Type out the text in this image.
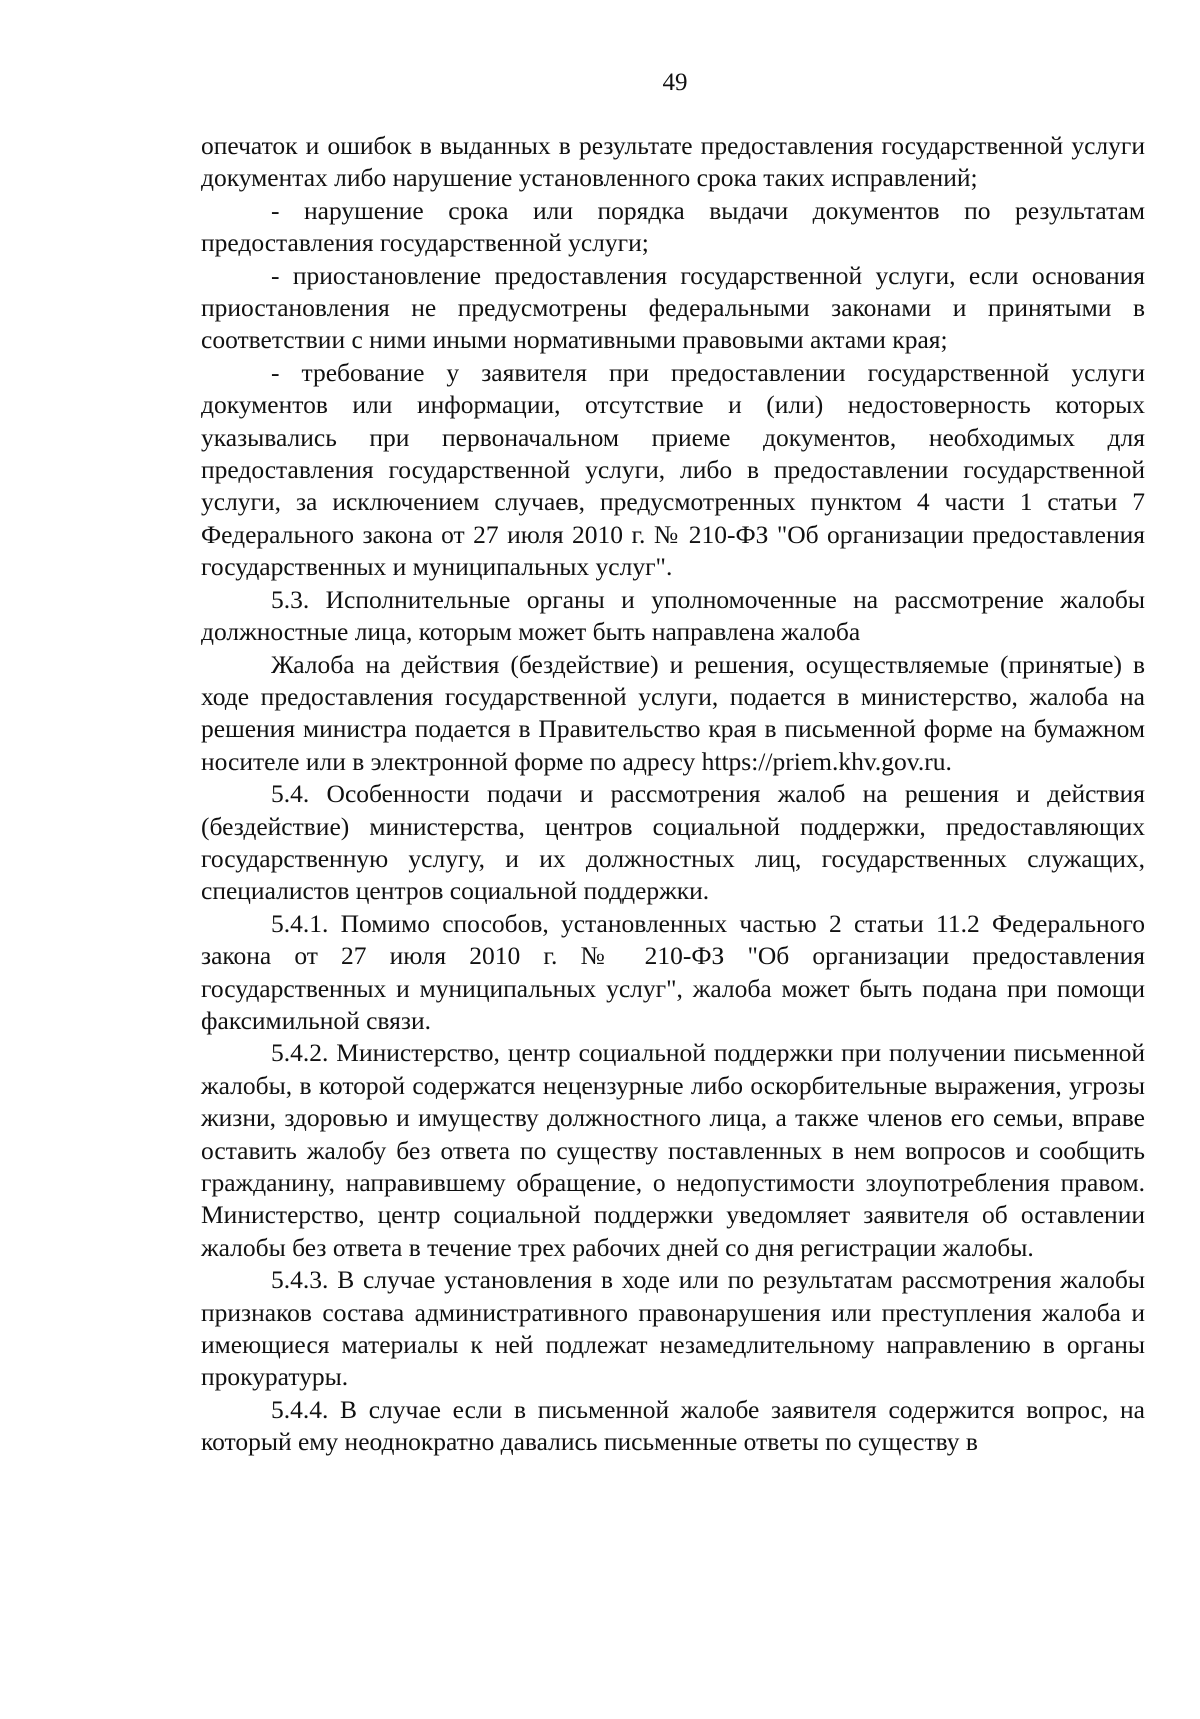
49

опечаток и ошибок в выданных в результате предоставления государственной услуги документах либо нарушение установленного срока таких исправлений;

- нарушение срока или порядка выдачи документов по результатам предоставления государственной услуги;

- приостановление предоставления государственной услуги, если основания приостановления не предусмотрены федеральными законами и принятыми в соответствии с ними иными нормативными правовыми актами края;

- требование у заявителя при предоставлении государственной услуги документов или информации, отсутствие и (или) недостоверность которых указывались при первоначальном приеме документов, необходимых для предоставления государственной услуги, либо в предоставлении государственной услуги, за исключением случаев, предусмотренных пунктом 4 части 1 статьи 7 Федерального закона от 27 июля 2010 г. № 210-ФЗ "Об организации предоставления государственных и муниципальных услуг".

5.3. Исполнительные органы и уполномоченные на рассмотрение жалобы должностные лица, которым может быть направлена жалоба

Жалоба на действия (бездействие) и решения, осуществляемые (принятые) в ходе предоставления государственной услуги, подается в министерство, жалоба на решения министра подается в Правительство края в письменной форме на бумажном носителе или в электронной форме по адресу https://priem.khv.gov.ru.

5.4. Особенности подачи и рассмотрения жалоб на решения и действия (бездействие) министерства, центров социальной поддержки, предоставляющих государственную услугу, и их должностных лиц, государственных служащих, специалистов центров социальной поддержки.

5.4.1. Помимо способов, установленных частью 2 статьи 11.2 Федерального закона от 27 июля 2010 г. № 210-ФЗ "Об организации предоставления государственных и муниципальных услуг", жалоба может быть подана при помощи факсимильной связи.

5.4.2. Министерство, центр социальной поддержки при получении письменной жалобы, в которой содержатся нецензурные либо оскорбительные выражения, угрозы жизни, здоровью и имуществу должностного лица, а также членов его семьи, вправе оставить жалобу без ответа по существу поставленных в нем вопросов и сообщить гражданину, направившему обращение, о недопустимости злоупотребления правом. Министерство, центр социальной поддержки уведомляет заявителя об оставлении жалобы без ответа в течение трех рабочих дней со дня регистрации жалобы.

5.4.3. В случае установления в ходе или по результатам рассмотрения жалобы признаков состава административного правонарушения или преступления жалоба и имеющиеся материалы к ней подлежат незамедлительному направлению в органы прокуратуры.

5.4.4. В случае если в письменной жалобе заявителя содержится вопрос, на который ему неоднократно давались письменные ответы по существу в
